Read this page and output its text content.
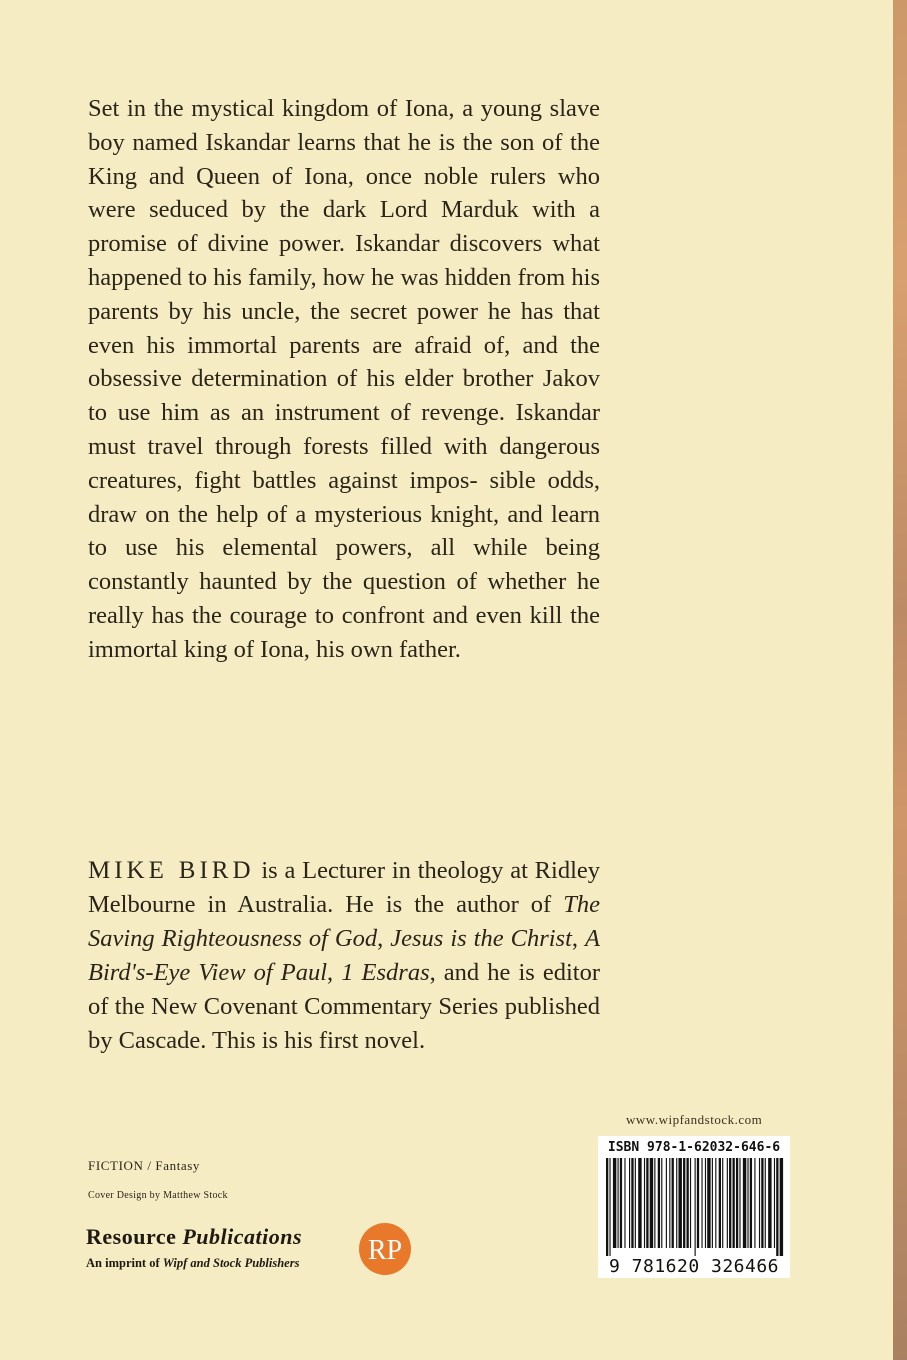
Set in the mystical kingdom of Iona, a young slave boy named Iskandar learns that he is the son of the King and Queen of Iona, once noble rulers who were seduced by the dark Lord Marduk with a promise of divine power. Iskandar discovers what happened to his family, how he was hidden from his parents by his uncle, the secret power he has that even his immortal parents are afraid of, and the obsessive determination of his elder brother Jakov to use him as an instrument of revenge. Iskandar must travel through forests filled with dangerous creatures, fight battles against impos- sible odds, draw on the help of a mysterious knight, and learn to use his elemental powers, all while being constantly haunted by the question of whether he really has the courage to confront and even kill the immortal king of Iona, his own father.

MIKE BIRD is a Lecturer in theology at Ridley Melbourne in Australia. He is the author of The Saving Righteousness of God, Jesus is the Christ, A Bird's-Eye View of Paul, 1 Esdras, and he is editor of the New Covenant Commentary Series published by Cascade. This is his first novel.

www.wipfandstock.com
FICTION / Fantasy
Cover Design by Matthew Stock
Resource Publications
An imprint of Wipf and Stock Publishers RP
ISBN 978-1-62032-646-6
9 781620 326466
